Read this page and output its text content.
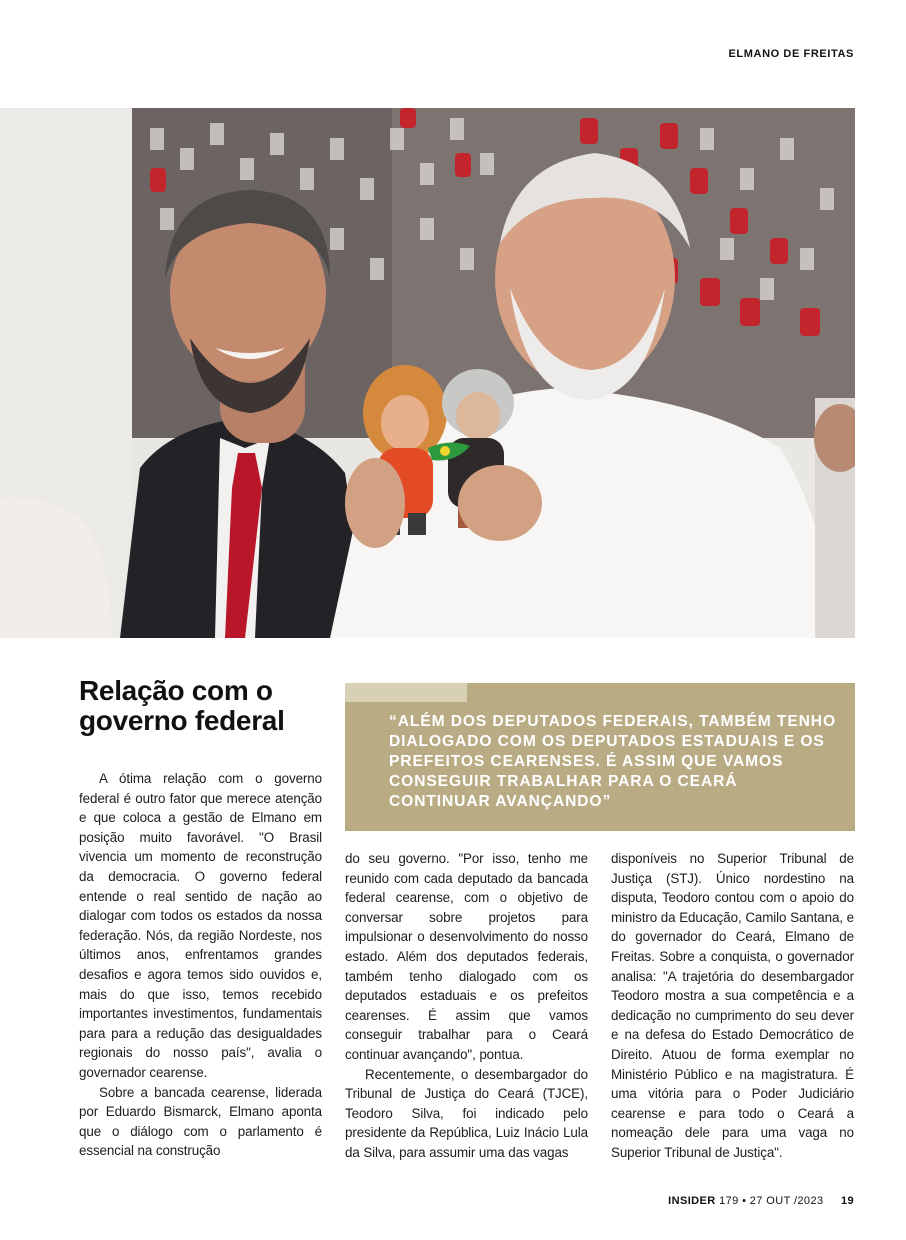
ELMANO DE FREITAS
Relação com o governo federal	“ALÉM DOS DEPUTADOS FEDERAIS, TAMBÉM TENHO DIALOGADO COM OS DEPUTADOS ESTADUAIS E OS PREFEITOS CEARENSES. É ASSIM QUE VAMOS CONSEGUIR TRABALHAR PARA O CEARÁ CONTINUAR AVANÇANDO”

A ótima relação com o governo federal é outro fator que merece atenção e que coloca a gestão de Elmano em posição muito favorável. "O Brasil vivencia um momento de reconstrução da democracia. O governo federal entende o real sentido de nação ao dialogar com todos os estados da nossa federação. Nós, da região Nordeste, nos últimos anos, enfrentamos grandes desafios e agora temos sido ouvidos e, mais do que isso, temos recebido importantes investimentos, fundamentais para para a redução das desigualdades regionais do nosso país", avalia o governador cearense.

Sobre a bancada cearense, liderada por Eduardo Bismarck, Elmano aponta que o diálogo com o parlamento é essencial na construção

do seu governo. "Por isso, tenho me reunido com cada deputado da bancada federal cearense, com o objetivo de conversar sobre projetos para impulsionar o desenvolvimento do nosso estado. Além dos deputados federais, também tenho dialogado com os deputados estaduais e os prefeitos cearenses. É assim que vamos conseguir trabalhar para o Ceará continuar avançando", pontua.

Recentemente, o desembargador do Tribunal de Justiça do Ceará (TJCE), Teodoro Silva, foi indicado pelo presidente da República, Luiz Inácio Lula da Silva, para assumir uma das vagas

disponíveis no Superior Tribunal de Justiça (STJ). Único nordestino na disputa, Teodoro contou com o apoio do ministro da Educação, Camilo Santana, e do governador do Ceará, Elmano de Freitas. Sobre a conquista, o governador analisa: "A trajetória do desembargador Teodoro mostra a sua competência e a dedicação no cumprimento do seu dever e na defesa do Estado Democrático de Direito. Atuou de forma exemplar no Ministério Público e na magistratura. É uma vitória para o Poder Judiciário cearense e para todo o Ceará a nomeação dele para uma vaga no Superior Tribunal de Justiça".

INSIDER 179 • 27 OUT /2023 19
